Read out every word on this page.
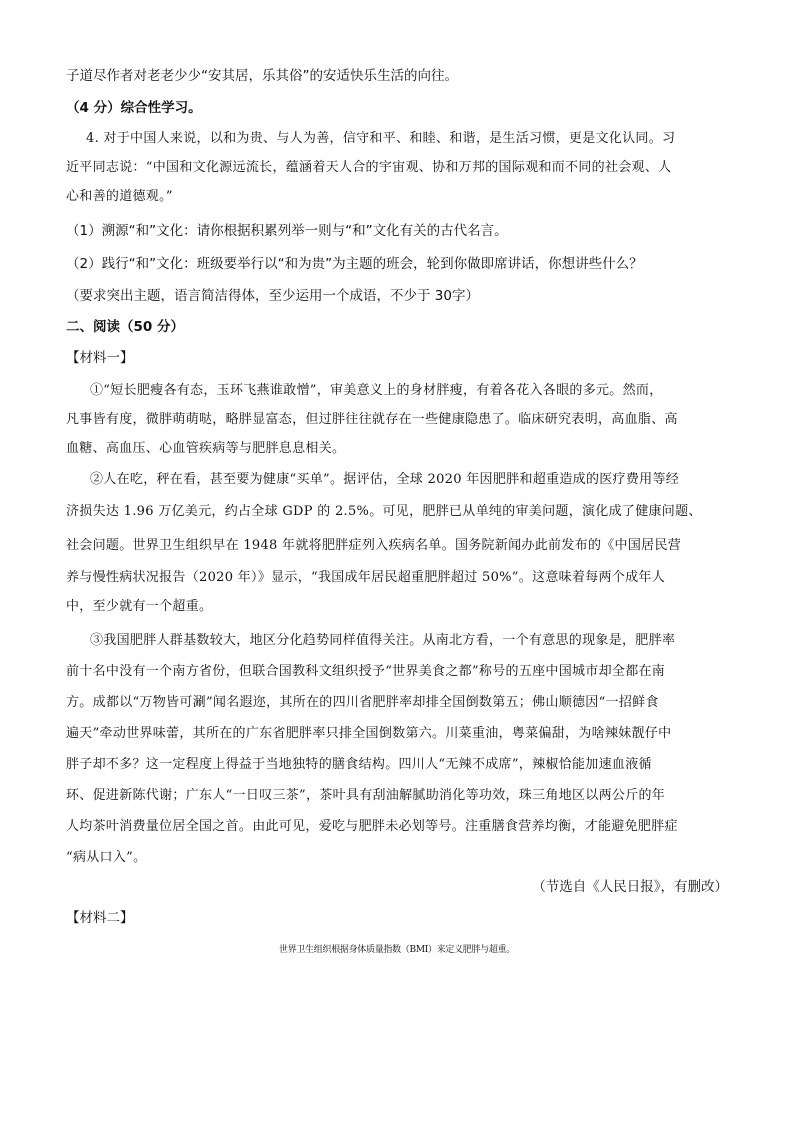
子道尽作者对老老少少“安其居，乐其俗”的安适快乐生活的向往。
（4 分）综合性学习。
4. 对于中国人来说，以和为贵、与人为善，信守和平、和睦、和谐，是生活习惯，更是文化认同。习
近平同志说：“中国和文化源远流长，蕴涵着天人合的宇宙观、协和万邦的国际观和而不同的社会观、人
心和善的道德观。”
（1）溯源“和”文化：请你根据积累列举一则与“和”文化有关的古代名言。
（2）践行“和”文化：班级要举行以“和为贵”为主题的班会，轮到你做即席讲话，你想讲些什么？
（要求突出主题，语言简洁得体，至少运用一个成语，不少于 30字）
二、阅读（50 分）
【材料一】
①“短长肥瘦各有态，玉环飞燕谁敢憎”，审美意义上的身材胖瘦，有着各花入各眼的多元。然而，
凡事皆有度，微胖萌萌哒，略胖显富态，但过胖往往就存在一些健康隐患了。临床研究表明，高血脂、高
血糖、高血压、心血管疾病等与肥胖息息相关。
②人在吃，秤在看，甚至要为健康“买单”。据评估，全球 2020 年因肥胖和超重造成的医疗费用等经
济损失达 1.96 万亿美元，约占全球 GDP 的 2.5%。可见，肥胖已从单纯的审美问题，演化成了健康问题、
社会问题。世界卫生组织早在 1948 年就将肥胖症列入疾病名单。国务院新闻办此前发布的《中国居民营
养与慢性病状况报告（2020 年）》显示，“我国成年居民超重肥胖超过 50%”。这意味着每两个成年人
中，至少就有一个超重。
③我国肥胖人群基数较大，地区分化趋势同样值得关注。从南北方看，一个有意思的现象是，肥胖率
前十名中没有一个南方省份，但联合国教科文组织授予“世界美食之都”称号的五座中国城市却全都在南
方。成都以“万物皆可涮”闻名遐迩，其所在的四川省肥胖率却排全国倒数第五；佛山顺德因“一招鲜食
遍天”牵动世界味蕾，其所在的广东省肥胖率只排全国倒数第六。川菜重油，粤菜偏甜，为啥辣妹靓仔中
胖子却不多？这一定程度上得益于当地独特的膳食结构。四川人“无辣不成席”，辣椒恰能加速血液循
环、促进新陈代谢；广东人“一日叹三茶”，茶叶具有刮油解腻助消化等功效，珠三角地区以两公斤的年
人均茶叶消费量位居全国之首。由此可见，爱吃与肥胖未必划等号。注重膳食营养均衡，才能避免肥胖症
“病从口入”。
（节选自《人民日报》，有删改）
【材料二】
世界卫生组织根据身体质量指数（BMI）来定义肥胖与超重。
